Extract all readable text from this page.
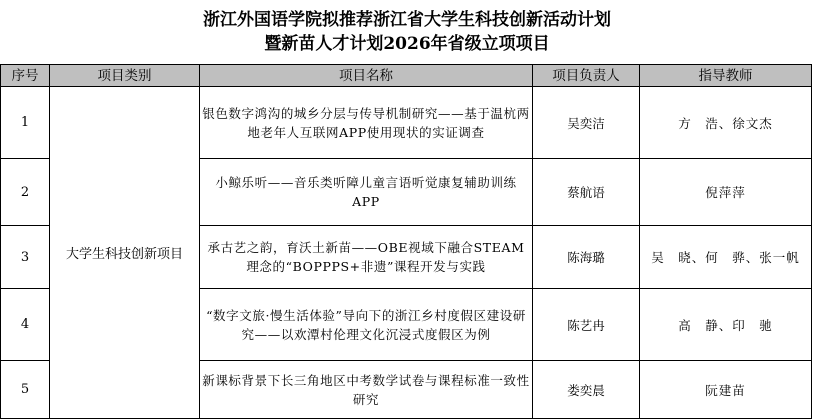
浙江外国语学院拟推荐浙江省大学生科技创新活动计划
暨新苗人才计划2026年省级立项项目
序号	项目类别	项目名称	项目负责人	指导教师
1	大学生科技创新项目	银色数字鸿沟的城乡分层与传导机制研究——基于温杭两地老年人互联网APP使用现状的实证调查	吴奕洁	方　浩、徐文杰
2		小鲸乐听——音乐类听障儿童言语听觉康复辅助训练APP	蔡航语	倪萍萍
3		承古艺之韵，育沃土新苗——OBE视域下融合STEAM理念的“BOPPPS+非遗”课程开发与实践	陈海璐	吴　晓、何　骅、张一帆
4		“数字文旅·慢生活体验”导向下的浙江乡村度假区建设研究——以欢潭村伦理文化沉浸式度假区为例	陈艺冉	高　静、印　驰
5		新课标背景下长三角地区中考数学试卷与课程标准一致性研究	娄奕晨	阮建苗
